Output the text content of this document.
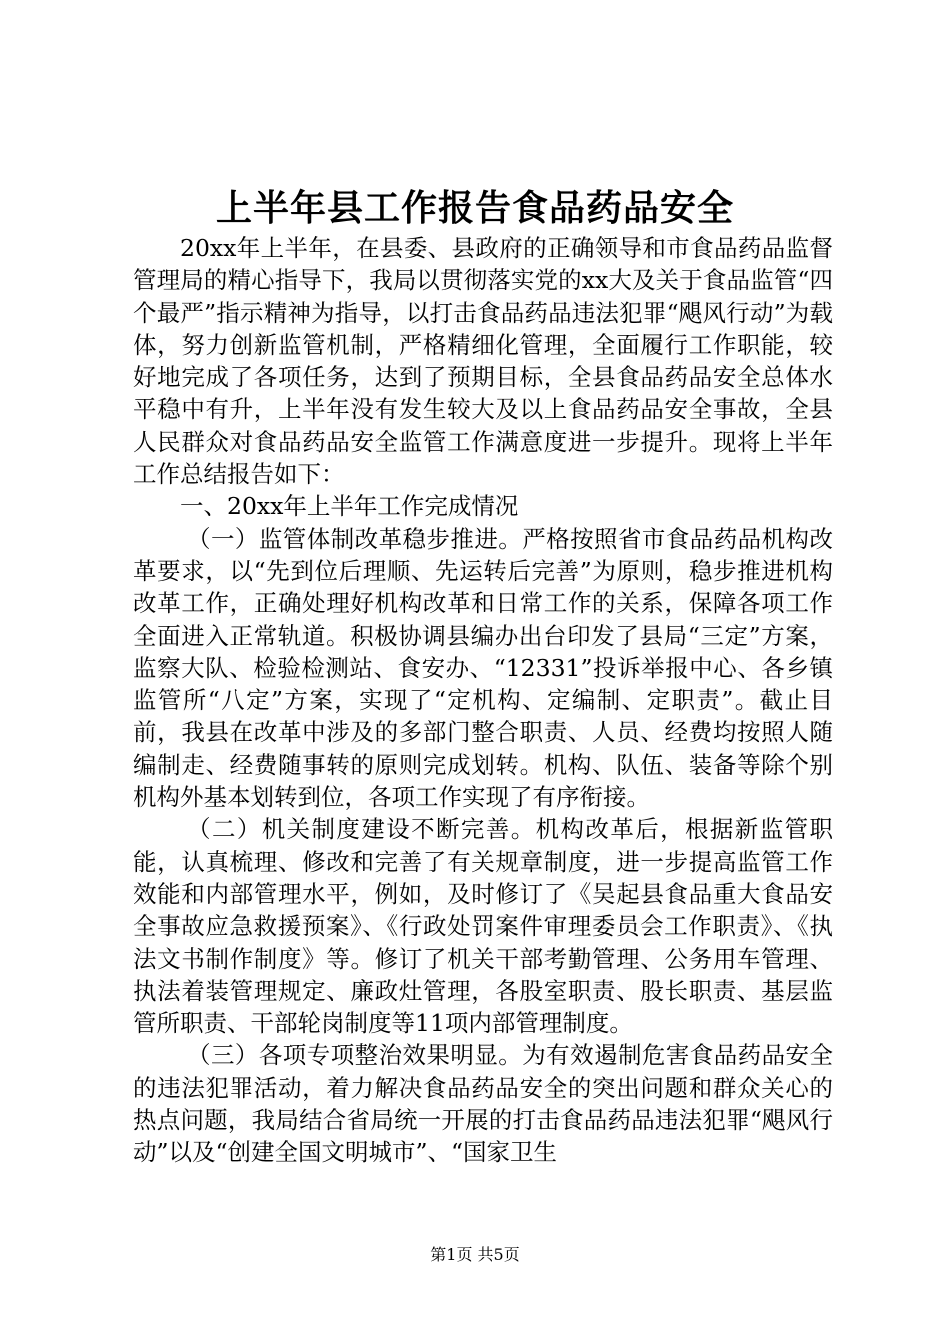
上半年县工作报告食品药品安全

20xx年上半年，在县委、县政府的正确领导和市食品药品监督管理局的精心指导下，我局以贯彻落实党的xx大及关于食品监管“四个最严”指示精神为指导，以打击食品药品违法犯罪“飓风行动”为载体，努力创新监管机制，严格精细化管理，全面履行工作职能，较好地完成了各项任务，达到了预期目标，全县食品药品安全总体水平稳中有升，上半年没有发生较大及以上食品药品安全事故，全县人民群众对食品药品安全监管工作满意度进一步提升。现将上半年工作总结报告如下：

一、20xx年上半年工作完成情况

（一）监管体制改革稳步推进。严格按照省市食品药品机构改革要求，以“先到位后理顺、先运转后完善”为原则，稳步推进机构改革工作，正确处理好机构改革和日常工作的关系，保障各项工作全面进入正常轨道。积极协调县编办出台印发了县局“三定”方案，监察大队、检验检测站、食安办、“12331”投诉举报中心、各乡镇监管所“八定”方案，实现了“定机构、定编制、定职责”。截止目前，我县在改革中涉及的多部门整合职责、人员、经费均按照人随编制走、经费随事转的原则完成划转。机构、队伍、装备等除个别机构外基本划转到位，各项工作实现了有序衔接。

（二）机关制度建设不断完善。机构改革后，根据新监管职能，认真梳理、修改和完善了有关规章制度，进一步提高监管工作效能和内部管理水平，例如，及时修订了《吴起县食品重大食品安全事故应急救援预案》、《行政处罚案件审理委员会工作职责》、《执法文书制作制度》等。修订了机关干部考勤管理、公务用车管理、执法着装管理规定、廉政灶管理，各股室职责、股长职责、基层监管所职责、干部轮岗制度等11项内部管理制度。

（三）各项专项整治效果明显。为有效遏制危害食品药品安全的违法犯罪活动，着力解决食品药品安全的突出问题和群众关心的热点问题，我局结合省局统一开展的打击食品药品违法犯罪“飓风行动”以及“创建全国文明城市”、“国家卫生

第1页 共5页
